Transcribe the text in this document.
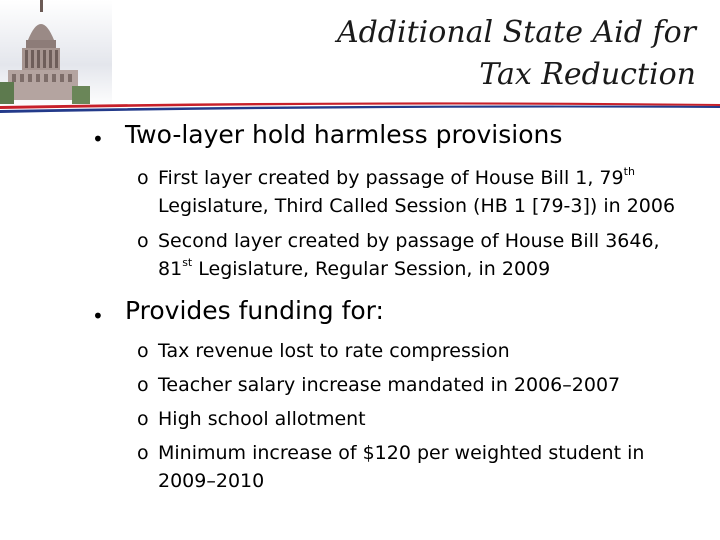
Additional State Aid for
Tax Reduction
• Two-layer hold harmless provisions
o First layer created by passage of House Bill 1, 79th
Legislature, Third Called Session (HB 1 [79-3]) in 2006
o Second layer created by passage of House Bill 3646,
81st Legislature, Regular Session, in 2009
• Provides funding for:
o Tax revenue lost to rate compression
o Teacher salary increase mandated in 2006–2007
o High school allotment
o Minimum increase of $120 per weighted student in
2009–2010
